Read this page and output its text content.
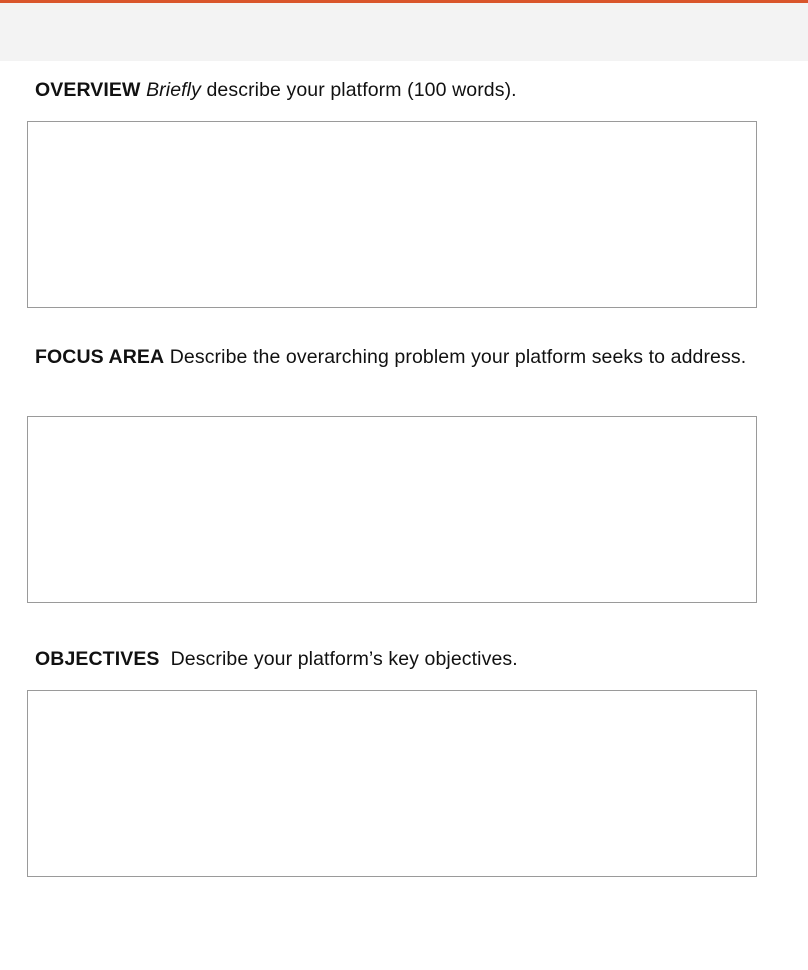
OVERVIEW Briefly describe your platform (100 words).
FOCUS AREA Describe the overarching problem your platform seeks to address.
OBJECTIVES  Describe your platform’s key objectives.
